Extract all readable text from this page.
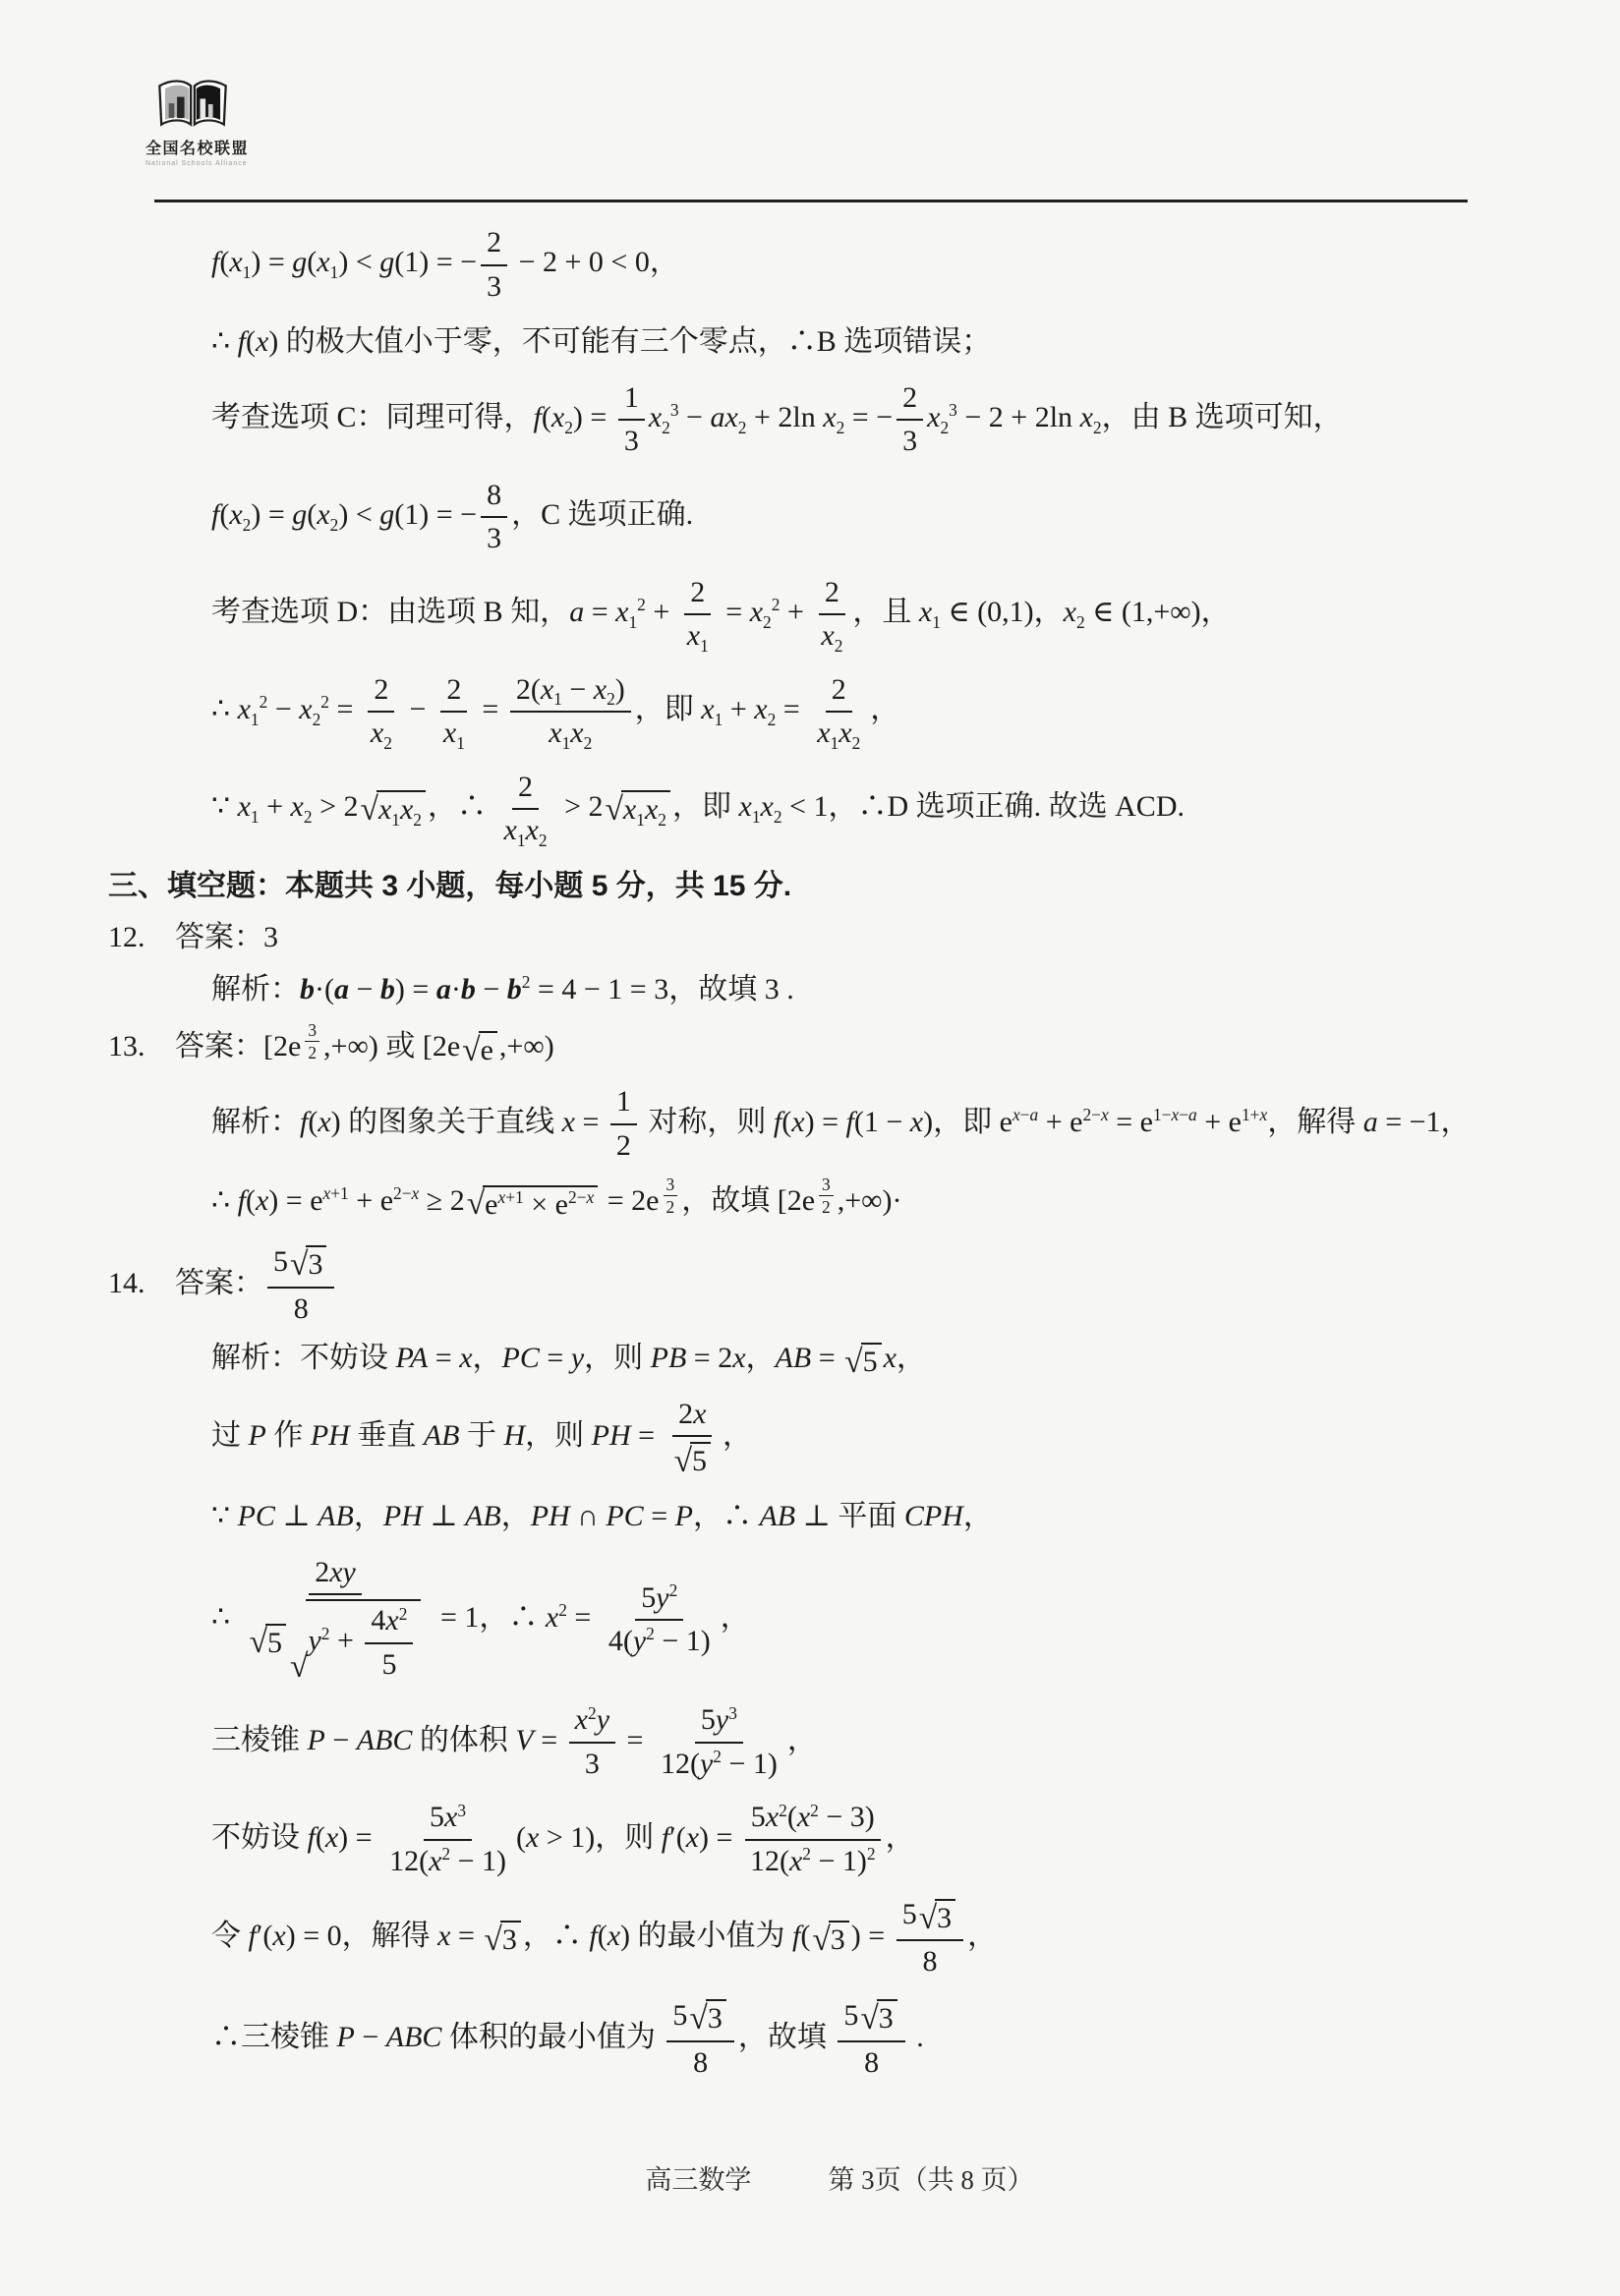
全国名校联盟
National Schools Alliance
f(x1) = g(x1) < g(1) = − $\frac{2}{3} - 2 + 0 < 0$，
∴ f(x) 的极大值小于零，不可能有三个零点，∴B 选项错误；
考查选项 C：同理可得，$f(x2) = \frac{1}{3} x23 - ax2 + 2\ln$ x2 = − $\frac{2}{3} x23 - 2 + 2\ln$ x2，由 B 选项可知，
f(x2) = g(x2) < g(1) = − $\frac{8}{3}$ ，C 选项正确.
考查选项 D：由选项 B 知，$a = x12 + \frac{2}{x1} = x22 + \frac{2}{x2}$ ，且 x1 ∈ (0,1)，x2 ∈ (1,+∞)，
∴ $x12 - x22 = \frac{2}{x2} - \frac{2}{x1} = \frac{2(x1 - x2)}{x1x2}$ ，即 $x1 + x2 = \frac{2}{x1x2}$ ，
∵ x1 + x2 > 2 √ x1x2 ，∴ $\frac{2}{x1x2} > 2$ √ x1x2 ，即 x1x2 < 1，∴D 选项正确. 故选 ACD.
三、填空题：本题共 3 小题，每小题 5 分，共 15 分.
12. 答案：3
解析：b·(a − b) = a·b − b2 = 4 − 1 = 3，故填 3 .
13. 答案：[$2e \frac{3}{2}$ ,+∞) 或 [2e √ e ,+∞)
解析：f(x) 的图象关于直线 $x = \frac{1}{2}$ 对称，则 f(x) = f(1 − x)，即 ex−a + e2−x = e1−x−a + e1+x，解得 a = −1，
∴ f(x) = ex+1 + e2−x ≥ 2 √ $ex+1 \times e2-x = 2e \frac{3}{2}$ ，故填 [$2e \frac{3}{2}$ ,+∞)·
14. 答案： $\frac{5 √ 3}{8}$
解析：不妨设 PA = x，PC = y，则 PB = 2x，AB = √ 5 x，
过 P 作 PH 垂直 AB 于 H，则 PH = $\frac{2x}{√ 5}$ ，
∵ PC ⊥ AB，PH ⊥ AB，PH ∩ PC = P，∴ AB ⊥ 平面 CPH，
∴ 2xy
√ 5
√
$y2 + \frac{4x2}{5} = 1$，∴ $x2 = \frac{5y2}{4(y2 - 1)}$ ，
三棱锥 P − ABC 的体积 $V = \frac{x2y}{3} = \frac{5y3}{12(y2 - 1)}$ ，
不妨设 $f(x) = \frac{5x3}{12(x2 - 1)} (x > 1)$，则 $f'(x) = \frac{5x2(x2 - 3)}{12(x2 - 1)2}$ ，
令 f′(x) = 0，解得 x = √ 3 ，∴ f(x) 的最小值为 f( √ 3 ) = $\frac{5 √ 3}{8}$ ，
∴三棱锥 P − ABC 体积的最小值为 $\frac{5 √ 3}{8}$ ，故填 $\frac{5 √ 3}{8}$ .
高三数学	第 3页（共 8 页）
